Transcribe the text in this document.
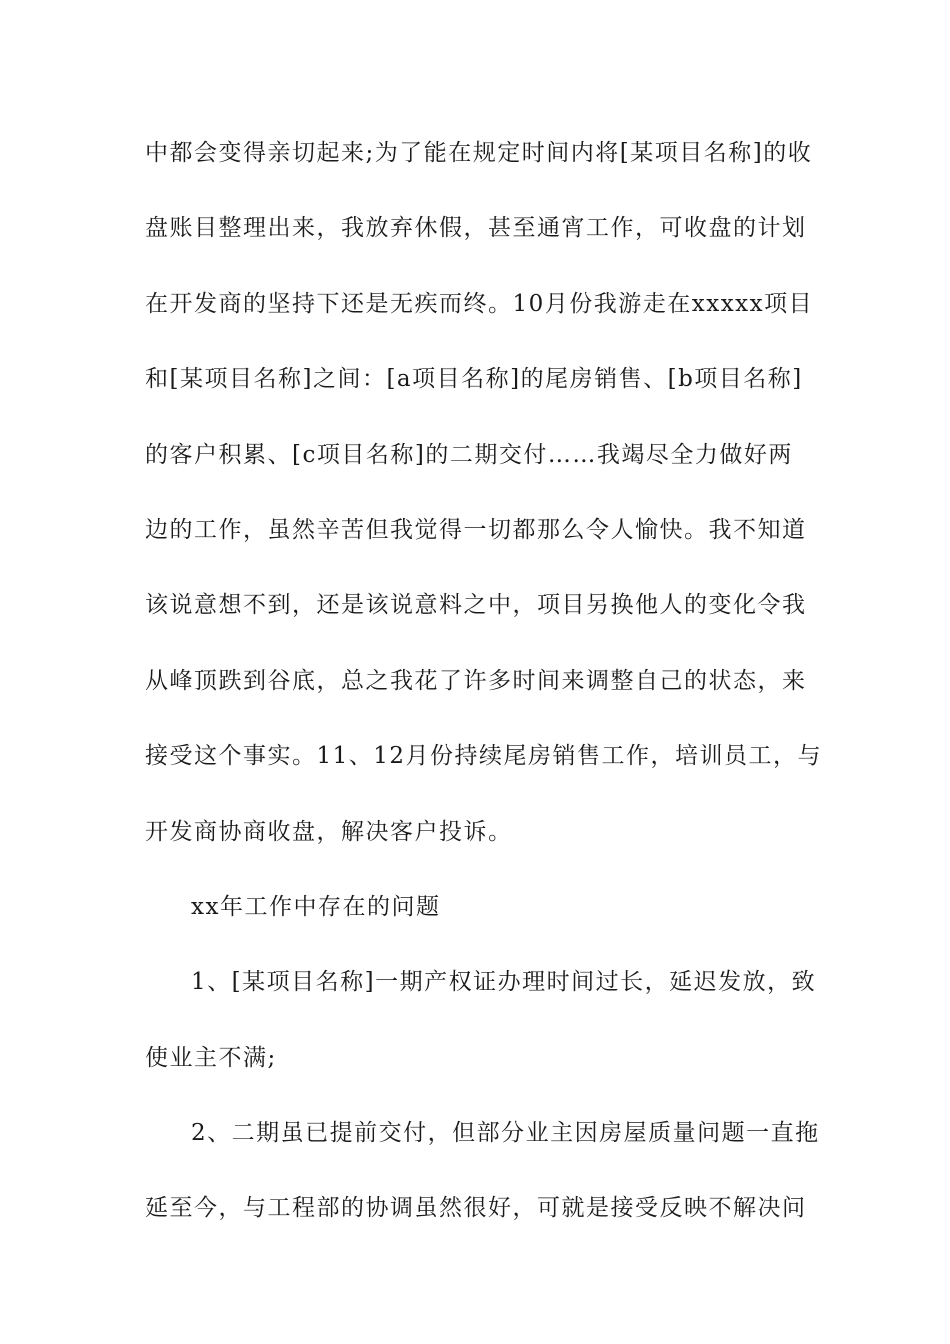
中都会变得亲切起来;为了能在规定时间内将[某项目名称]的收
盘账目整理出来，我放弃休假，甚至通宵工作，可收盘的计划
在开发商的坚持下还是无疾而终。10月份我游走在xxxxx项目
和[某项目名称]之间：[a项目名称]的尾房销售、[b项目名称]
的客户积累、[c项目名称]的二期交付……我竭尽全力做好两
边的工作，虽然辛苦但我觉得一切都那么令人愉快。我不知道
该说意想不到，还是该说意料之中，项目另换他人的变化令我
从峰顶跌到谷底，总之我花了许多时间来调整自己的状态，来
接受这个事实。11、12月份持续尾房销售工作，培训员工，与
开发商协商收盘，解决客户投诉。
xx年工作中存在的问题
1、[某项目名称]一期产权证办理时间过长，延迟发放，致
使业主不满;
2、二期虽已提前交付，但部分业主因房屋质量问题一直拖
延至今，与工程部的协调虽然很好，可就是接受反映不解决问
